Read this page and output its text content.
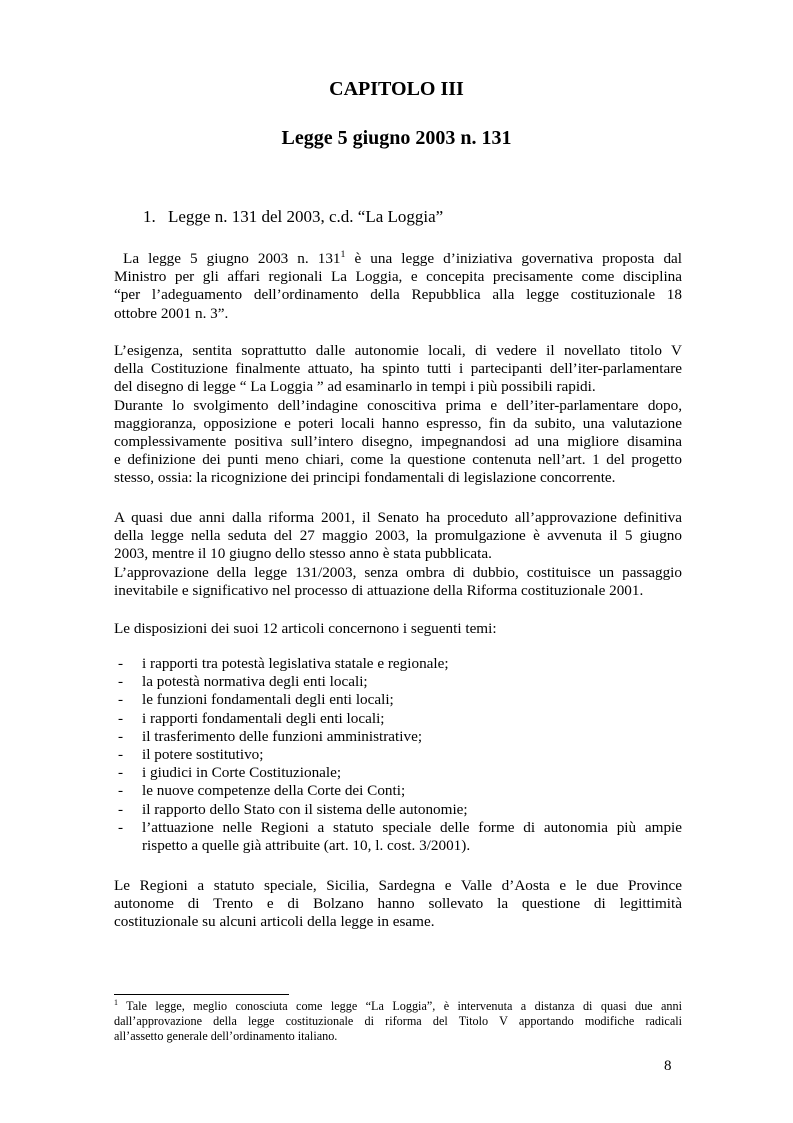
CAPITOLO III
Legge 5 giugno 2003 n. 131
1. Legge n. 131 del 2003, c.d. “La Loggia”
La legge 5 giugno 2003 n. $131^1$ è una legge d’iniziativa governativa proposta dal
Ministro per gli affari regionali La Loggia, e concepita precisamente come disciplina
“per l’adeguamento dell’ordinamento della Repubblica alla legge costituzionale 18
ottobre 2001 n. 3”.
L’esigenza, sentita soprattutto dalle autonomie locali, di vedere il novellato titolo V
della Costituzione finalmente attuato, ha spinto tutti i partecipanti dell’iter-parlamentare
del disegno di legge “ La Loggia ” ad esaminarlo in tempi i più possibili rapidi.
Durante lo svolgimento dell’indagine conoscitiva prima e dell’iter-parlamentare dopo,
maggioranza, opposizione e poteri locali hanno espresso, fin da subito, una valutazione
complessivamente positiva sull’intero disegno, impegnandosi ad una migliore disamina
e definizione dei punti meno chiari, come la questione contenuta nell’art. 1 del progetto
stesso, ossia: la ricognizione dei principi fondamentali di legislazione concorrente.
A quasi due anni dalla riforma 2001, il Senato ha proceduto all’approvazione definitiva
della legge nella seduta del 27 maggio 2003, la promulgazione è avvenuta il 5 giugno
2003, mentre il 10 giugno dello stesso anno è stata pubblicata.
L’approvazione della legge 131/2003, senza ombra di dubbio, costituisce un passaggio
inevitabile e significativo nel processo di attuazione della Riforma costituzionale 2001.
Le disposizioni dei suoi 12 articoli concernono i seguenti temi:
- i rapporti tra potestà legislativa statale e regionale;
- la potestà normativa degli enti locali;
- le funzioni fondamentali degli enti locali;
- i rapporti fondamentali degli enti locali;
- il trasferimento delle funzioni amministrative;
- il potere sostitutivo;
- i giudici in Corte Costituzionale;
- le nuove competenze della Corte dei Conti;
- il rapporto dello Stato con il sistema delle autonomie;
- l’attuazione nelle Regioni a statuto speciale delle forme di autonomia più ampie
rispetto a quelle già attribuite (art. 10, l. cost. 3/2001).
Le Regioni a statuto speciale, Sicilia, Sardegna e Valle d’Aosta e le due Province
autonome di Trento e di Bolzano hanno sollevato la questione di legittimità
costituzionale su alcuni articoli della legge in esame.
$^1$ Tale legge, meglio conosciuta come legge “La Loggia”, è intervenuta a distanza di quasi due anni
dall’approvazione della legge costituzionale di riforma del Titolo V apportando modifiche radicali
all’assetto generale dell’ordinamento italiano.
8
